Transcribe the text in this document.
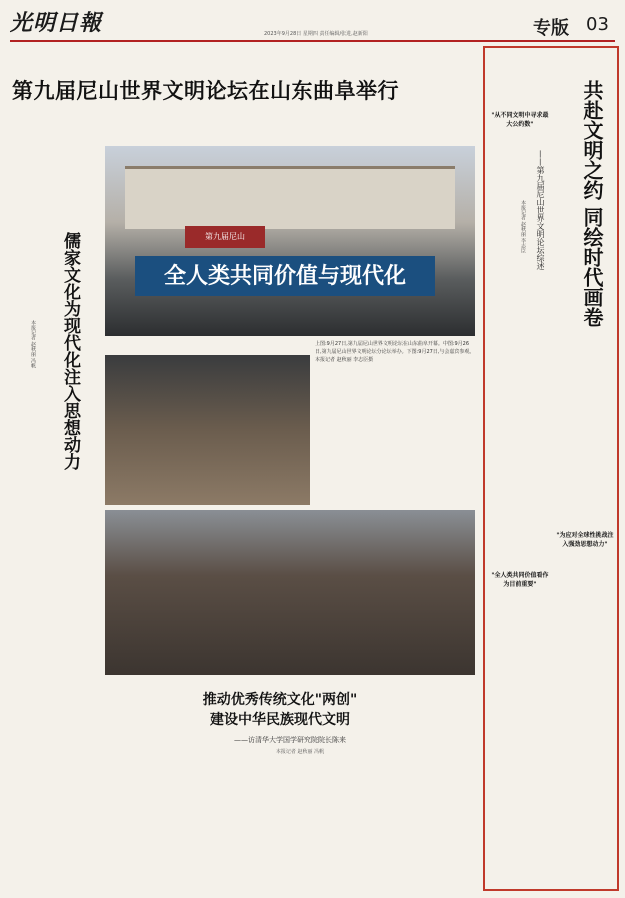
光明日報	2023年9月28日 星期四 责任编辑/张进,赵新阳	专版 03
第九届尼山世界文明论坛在山东曲阜举行
第九届尼山
全人类共同价值与现代化
上图:9月27日,第九届尼山世界文明论坛在山东曲阜开幕。中图:9月26日,第九届尼山世界文明论坛分论坛举办。下图:9月27日,与会嘉宾参观。本报记者 赵秋丽 李志臣摄
儒家文化为现代化注入思想动力
本报记者 赵秋丽 冯帆
推动优秀传统文化"两创"
建设中华民族现代文明
——访清华大学国学研究院院长陈来
本报记者 赵秋丽 冯帆
共赴文明之约 同绘时代画卷
——第九届尼山世界文明论坛综述
本报记者 赵秋丽 李志臣
"从不同文明中寻求最大公约数"
"全人类共同价值看作为目前重要"
"为应对全球性挑战注入强劲思想动力"
